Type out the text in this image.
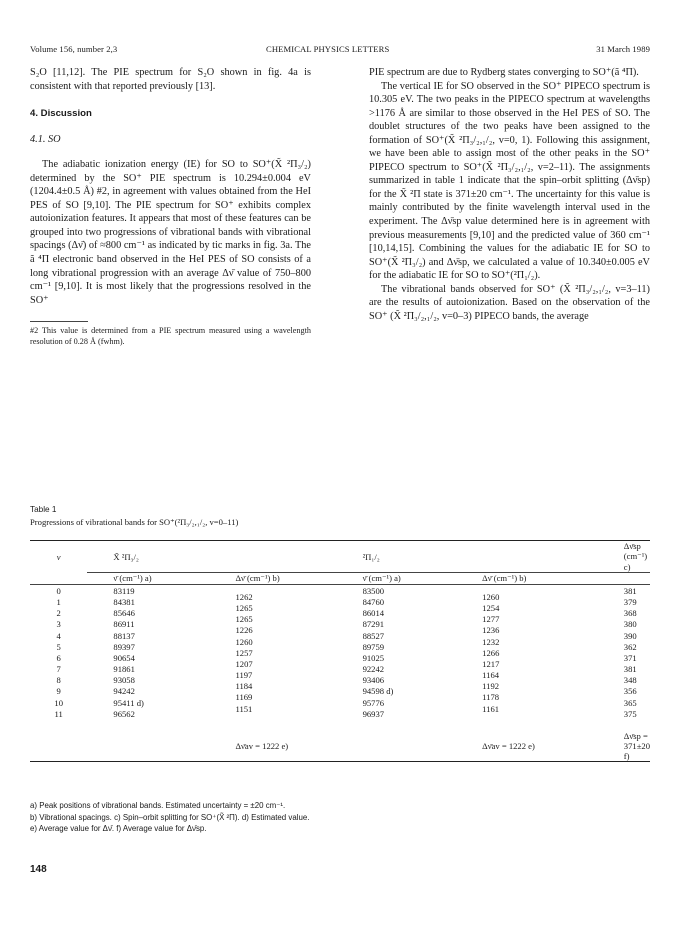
Volume 156, number 2,3	CHEMICAL PHYSICS LETTERS	31 March 1989

S₂O [11,12]. The PIE spectrum for S₂O shown in fig. 4a is consistent with that reported previously [13].

4. Discussion
4.1. SO

The adiabatic ionization energy (IE) for SO to SO⁺(X̃ ²Π₃/₂) determined by the SO⁺ PIE spectrum is 10.294±0.004 eV (1204.4±0.5 Å) #2, in agreement with values obtained from the HeI PES of SO [9,10]. The PIE spectrum for SO⁺ exhibits complex autoionization features. It appears that most of these features can be grouped into two progressions of vibrational bands with vibrational spacings (Δν̄) of ≈800 cm⁻¹ as indicated by tic marks in fig. 3a. The ã ⁴Π electronic band observed in the HeI PES of SO consists of a long vibrational progression with an average Δν̄ value of 750–800 cm⁻¹ [9,10]. It is most likely that the progressions resolved in the SO⁺

#2 This value is determined from a PIE spectrum measured using a wavelength resolution of 0.28 Å (fwhm).

PIE spectrum are due to Rydberg states converging to SO⁺(ã ⁴Π).

The vertical IE for SO observed in the SO⁺ PIPECO spectrum is 10.305 eV. The two peaks in the PIPECO spectrum at wavelengths >1176 Å are similar to those observed in the HeI PES of SO. The doublet structures of the two peaks have been assigned to the formation of SO⁺(X̃ ²Π₃/₂,₁/₂, v=0, 1). Following this assignment, we have been able to assign most of the other peaks in the SO⁺ PIPECO spectrum to SO⁺(X̃ ²Π₃/₂,₁/₂, v=2–11). The assignments summarized in table 1 indicate that the spin–orbit splitting (Δν̄sp) for the X̃ ²Π state is 371±20 cm⁻¹. The uncertainty for this value is mainly contributed by the finite wavelength interval used in the experiment. The Δν̄sp value determined here is in agreement with previous measurements [9,10] and the predicted value of 360 cm⁻¹ [10,14,15]. Combining the values for the adiabatic IE for SO to SO⁺(X̃ ²Π₃/₂) and Δν̄sp, we calculated a value of 10.340±0.005 eV for the adiabatic IE for SO to SO⁺(²Π₁/₂).

The vibrational bands observed for SO⁺ (X̃ ²Π₃/₂,₁/₂, v=3–11) are the results of autoionization. Based on the observation of the SO⁺ (X̃ ²Π₃/₂,₁/₂, v=0–3) PIPECO bands, the average

Table 1
Progressions of vibrational bands for SO⁺(²Π₃/₂,₁/₂, v=0–11)
v	X̃ ²Π₃/₂		²Π₁/₂		Δν̄sp (cm⁻¹) c)
	ν̄ (cm⁻¹) a)	Δν̄ (cm⁻¹) b)	ν̄ (cm⁻¹) a)	Δν̄ (cm⁻¹) b)	
0	83119	1262	83500	1260	381
1	84381	1265	84760	1254	379
2	85646	1265	86014	1277	368
3	86911	1226	87291	1236	380
4	88137	1260	88527	1232	390
5	89397	1257	89759	1266	362
6	90654	1207	91025	1217	371
7	91861	1197	92242	1164	381
8	93058	1184	93406	1192	348
9	94242	1169	94598 d)	1178	356
10	95411 d)	1151	95776	1161	365
11	96562		96937		375

		Δν̄av = 1222 e)		Δν̄av = 1222 e)	Δν̄sp = 371±20 f)
a) Peak positions of vibrational bands. Estimated uncertainty = ±20 cm⁻¹.
b) Vibrational spacings. c) Spin–orbit splitting for SO⁺(X̃ ²Π). d) Estimated value.
e) Average value for Δν̄. f) Average value for Δν̄sp.
148
